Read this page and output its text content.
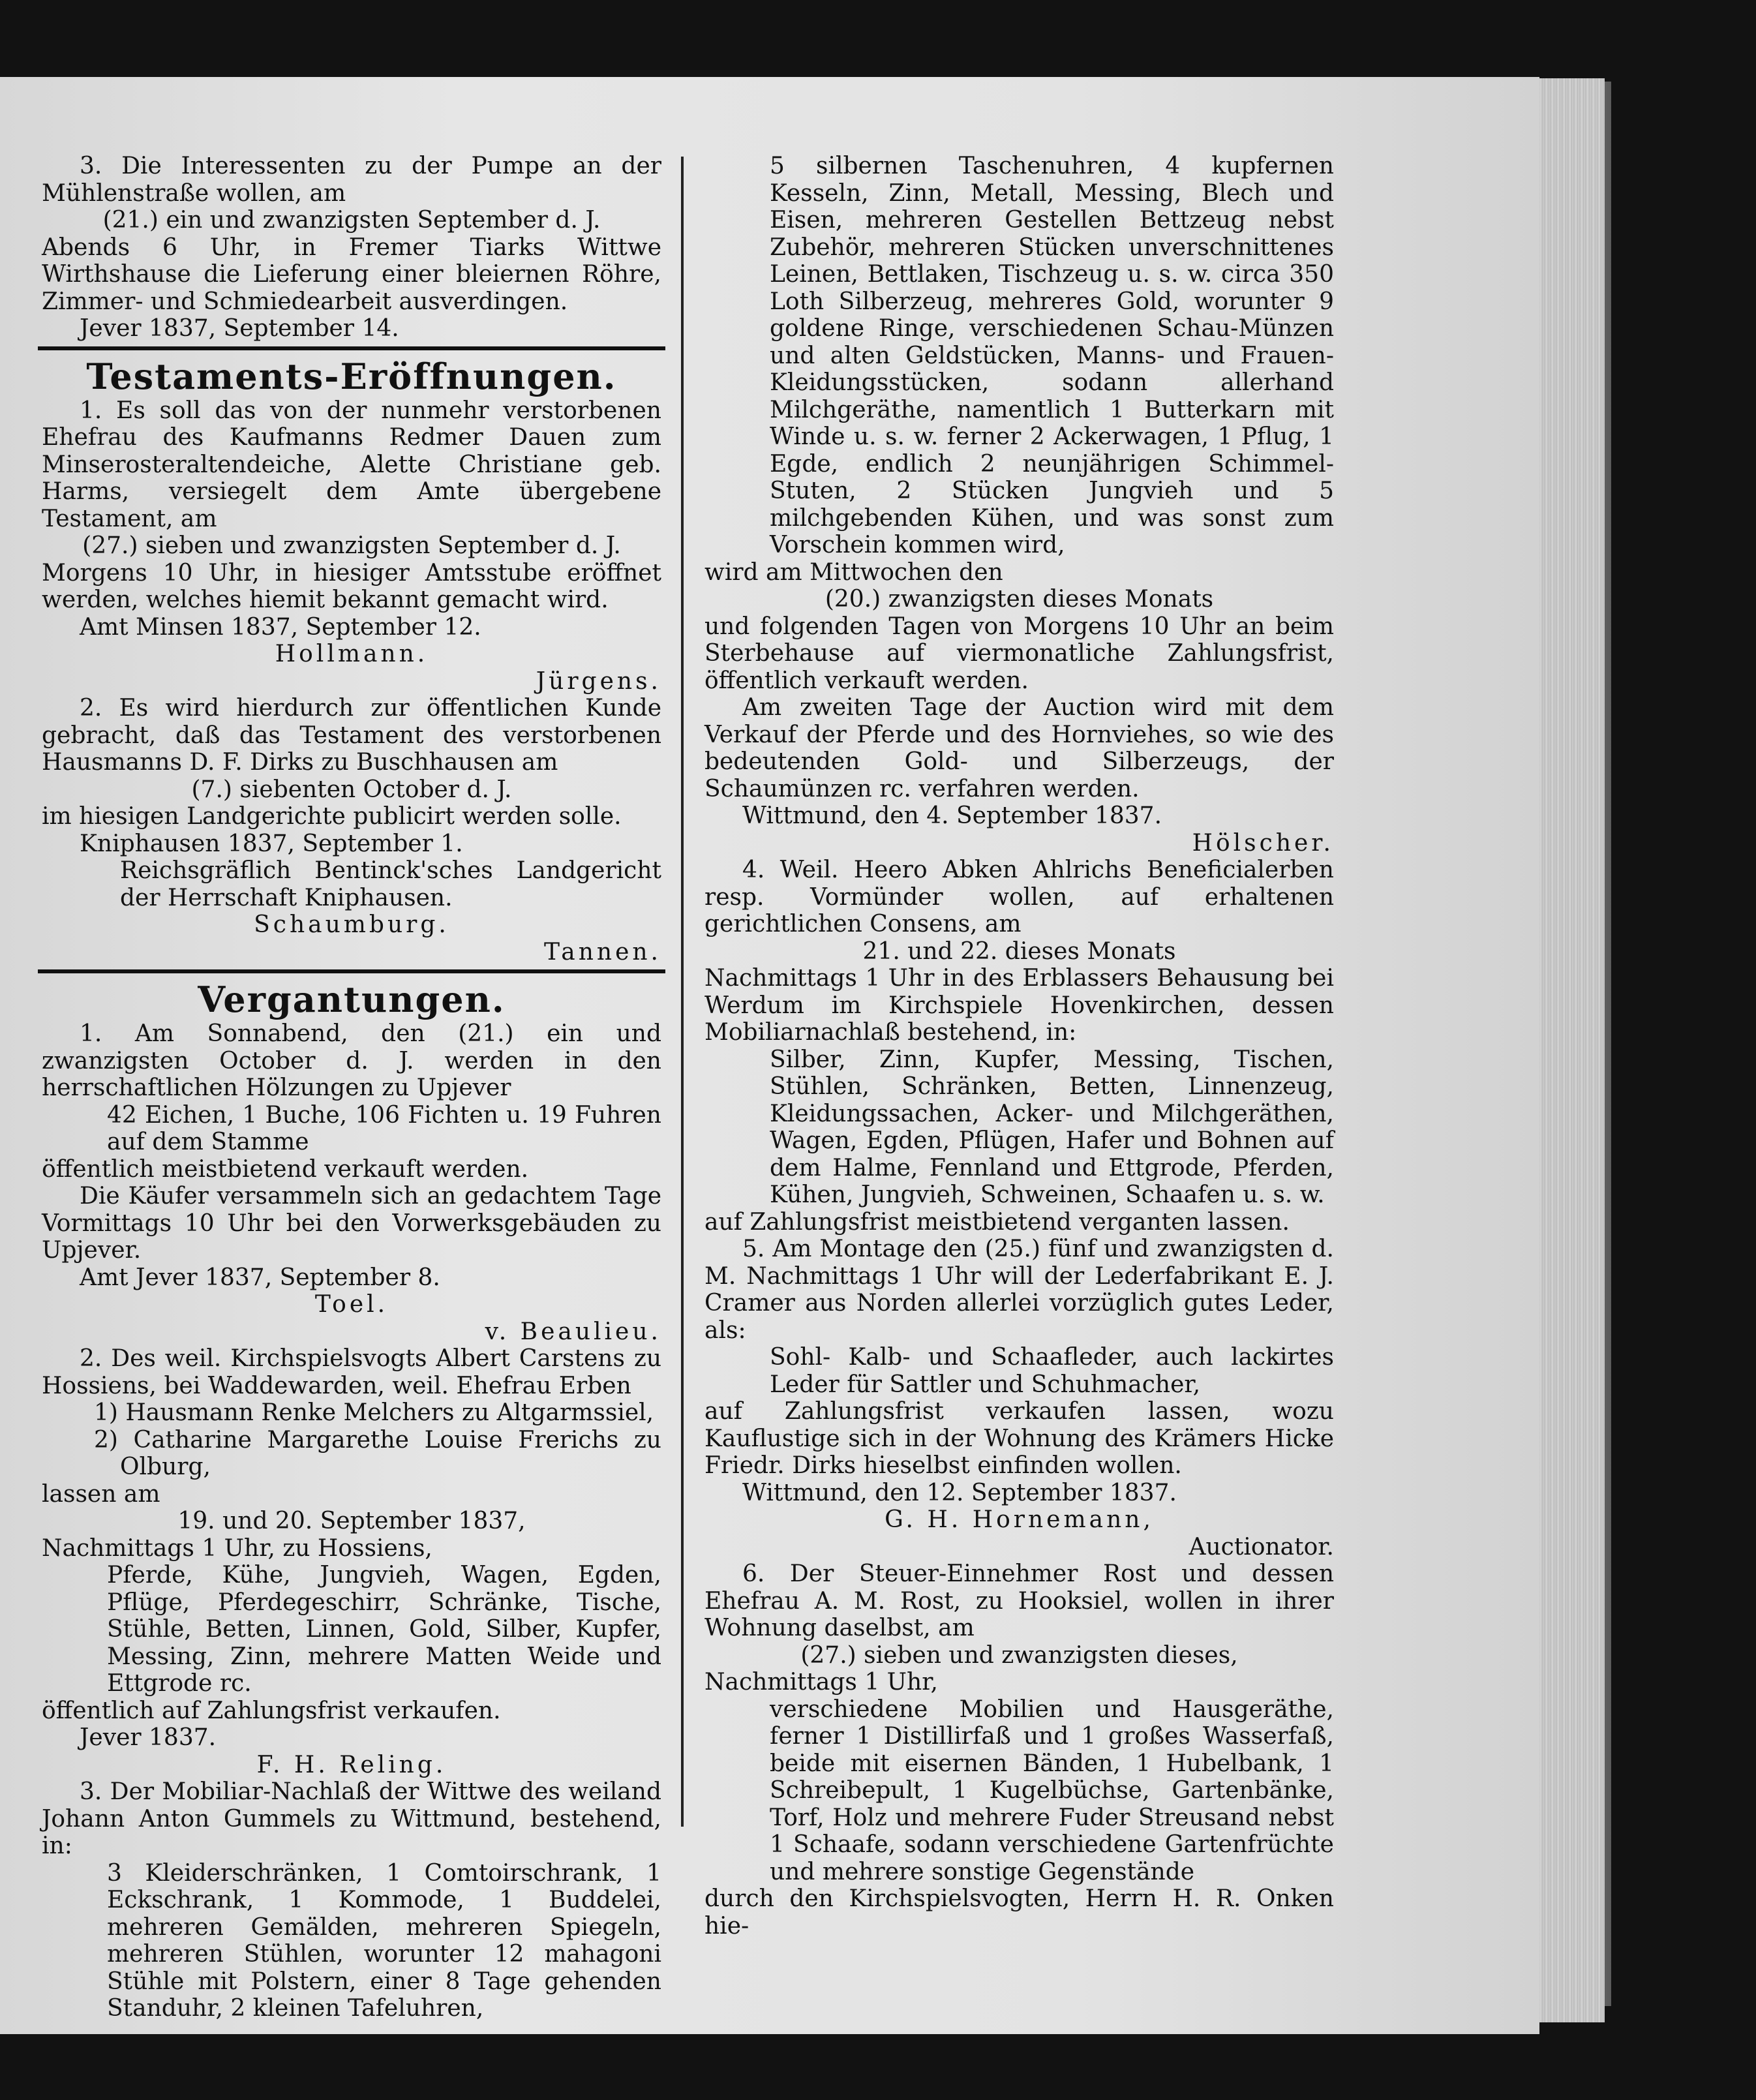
3. Die Interessenten zu der Pumpe an der Mühlenstraße wollen, am

(21.) ein und zwanzigsten September d. J.

Abends 6 Uhr, in Fremer Tiarks Wittwe Wirthshause die Lieferung einer bleiernen Röhre, Zimmer- und Schmiedearbeit ausverdingen.

Jever 1837, September 14.

Testaments-Eröffnungen.

1. Es soll das von der nunmehr verstorbenen Ehefrau des Kaufmanns Redmer Dauen zum Minserosteraltendeiche, Alette Christiane geb. Harms, versiegelt dem Amte übergebene Testament, am

(27.) sieben und zwanzigsten September d. J.

Morgens 10 Uhr, in hiesiger Amtsstube eröffnet werden, welches hiemit bekannt gemacht wird.

Amt Minsen 1837, September 12.

Hollmann.

Jürgens.

2. Es wird hierdurch zur öffentlichen Kunde gebracht, daß das Testament des verstorbenen Hausmanns D. F. Dirks zu Buschhausen am

(7.) siebenten October d. J.

im hiesigen Landgerichte publicirt werden solle.

Kniphausen 1837, September 1.

Reichsgräflich Bentinck'sches Landgericht der Herrschaft Kniphausen.

Schaumburg.

Tannen.

Vergantungen.

1. Am Sonnabend, den (21.) ein und zwanzigsten October d. J. werden in den herrschaftlichen Hölzungen zu Upjever

42 Eichen, 1 Buche, 106 Fichten u. 19 Fuhren auf dem Stamme

öffentlich meistbietend verkauft werden.

Die Käufer versammeln sich an gedachtem Tage Vormittags 10 Uhr bei den Vorwerksgebäuden zu Upjever.

Amt Jever 1837, September 8.

Toel.

v. Beaulieu.

2. Des weil. Kirchspielsvogts Albert Carstens zu Hossiens, bei Waddewarden, weil. Ehefrau Erben

1) Hausmann Renke Melchers zu Altgarmssiel,

2) Catharine Margarethe Louise Frerichs zu Olburg,

lassen am

19. und 20. September 1837,

Nachmittags 1 Uhr, zu Hossiens,

Pferde, Kühe, Jungvieh, Wagen, Egden, Pflüge, Pferdegeschirr, Schränke, Tische, Stühle, Betten, Linnen, Gold, Silber, Kupfer, Messing, Zinn, mehrere Matten Weide und Ettgrode rc.

öffentlich auf Zahlungsfrist verkaufen.

Jever 1837.

F. H. Reling.

3. Der Mobiliar-Nachlaß der Wittwe des weiland Johann Anton Gummels zu Wittmund, bestehend, in:

3 Kleiderschränken, 1 Comtoirschrank, 1 Eckschrank, 1 Kommode, 1 Buddelei, mehreren Gemälden, mehreren Spiegeln, mehreren Stühlen, worunter 12 mahagoni Stühle mit Polstern, einer 8 Tage gehenden Standuhr, 2 kleinen Tafeluhren,

5 silbernen Taschenuhren, 4 kupfernen Kesseln, Zinn, Metall, Messing, Blech und Eisen, mehreren Gestellen Bettzeug nebst Zubehör, mehreren Stücken unverschnittenes Leinen, Bettlaken, Tischzeug u. s. w. circa 350 Loth Silberzeug, mehreres Gold, worunter 9 goldene Ringe, verschiedenen Schau-Münzen und alten Geldstücken, Manns- und Frauen-Kleidungsstücken, sodann allerhand Milchgeräthe, namentlich 1 Butterkarn mit Winde u. s. w. ferner 2 Ackerwagen, 1 Pflug, 1 Egde, endlich 2 neunjährigen Schimmel-Stuten, 2 Stücken Jungvieh und 5 milchgebenden Kühen, und was sonst zum Vorschein kommen wird,

wird am Mittwochen den

(20.) zwanzigsten dieses Monats

und folgenden Tagen von Morgens 10 Uhr an beim Sterbehause auf viermonatliche Zahlungsfrist, öffentlich verkauft werden.

Am zweiten Tage der Auction wird mit dem Verkauf der Pferde und des Hornviehes, so wie des bedeutenden Gold- und Silberzeugs, der Schaumünzen rc. verfahren werden.

Wittmund, den 4. September 1837.

Hölscher.

4. Weil. Heero Abken Ahlrichs Beneficialerben resp. Vormünder wollen, auf erhaltenen gerichtlichen Consens, am

21. und 22. dieses Monats

Nachmittags 1 Uhr in des Erblassers Behausung bei Werdum im Kirchspiele Hovenkirchen, dessen Mobiliarnachlaß bestehend, in:

Silber, Zinn, Kupfer, Messing, Tischen, Stühlen, Schränken, Betten, Linnenzeug, Kleidungssachen, Acker- und Milchgeräthen, Wagen, Egden, Pflügen, Hafer und Bohnen auf dem Halme, Fennland und Ettgrode, Pferden, Kühen, Jungvieh, Schweinen, Schaafen u. s. w.

auf Zahlungsfrist meistbietend verganten lassen.

5. Am Montage den (25.) fünf und zwanzigsten d. M. Nachmittags 1 Uhr will der Lederfabrikant E. J. Cramer aus Norden allerlei vorzüglich gutes Leder, als:

Sohl- Kalb- und Schaafleder, auch lackirtes Leder für Sattler und Schuhmacher,

auf Zahlungsfrist verkaufen lassen, wozu Kauflustige sich in der Wohnung des Krämers Hicke Friedr. Dirks hieselbst einfinden wollen.

Wittmund, den 12. September 1837.

G. H. Hornemann,

Auctionator.

6. Der Steuer-Einnehmer Rost und dessen Ehefrau A. M. Rost, zu Hooksiel, wollen in ihrer Wohnung daselbst, am

(27.) sieben und zwanzigsten dieses,

Nachmittags 1 Uhr,

verschiedene Mobilien und Hausgeräthe, ferner 1 Distillirfaß und 1 großes Wasserfaß, beide mit eisernen Bänden, 1 Hubelbank, 1 Schreibepult, 1 Kugelbüchse, Gartenbänke, Torf, Holz und mehrere Fuder Streusand nebst 1 Schaafe, sodann verschiedene Gartenfrüchte und mehrere sonstige Gegenstände

durch den Kirchspielsvogten, Herrn H. R. Onken hie-
